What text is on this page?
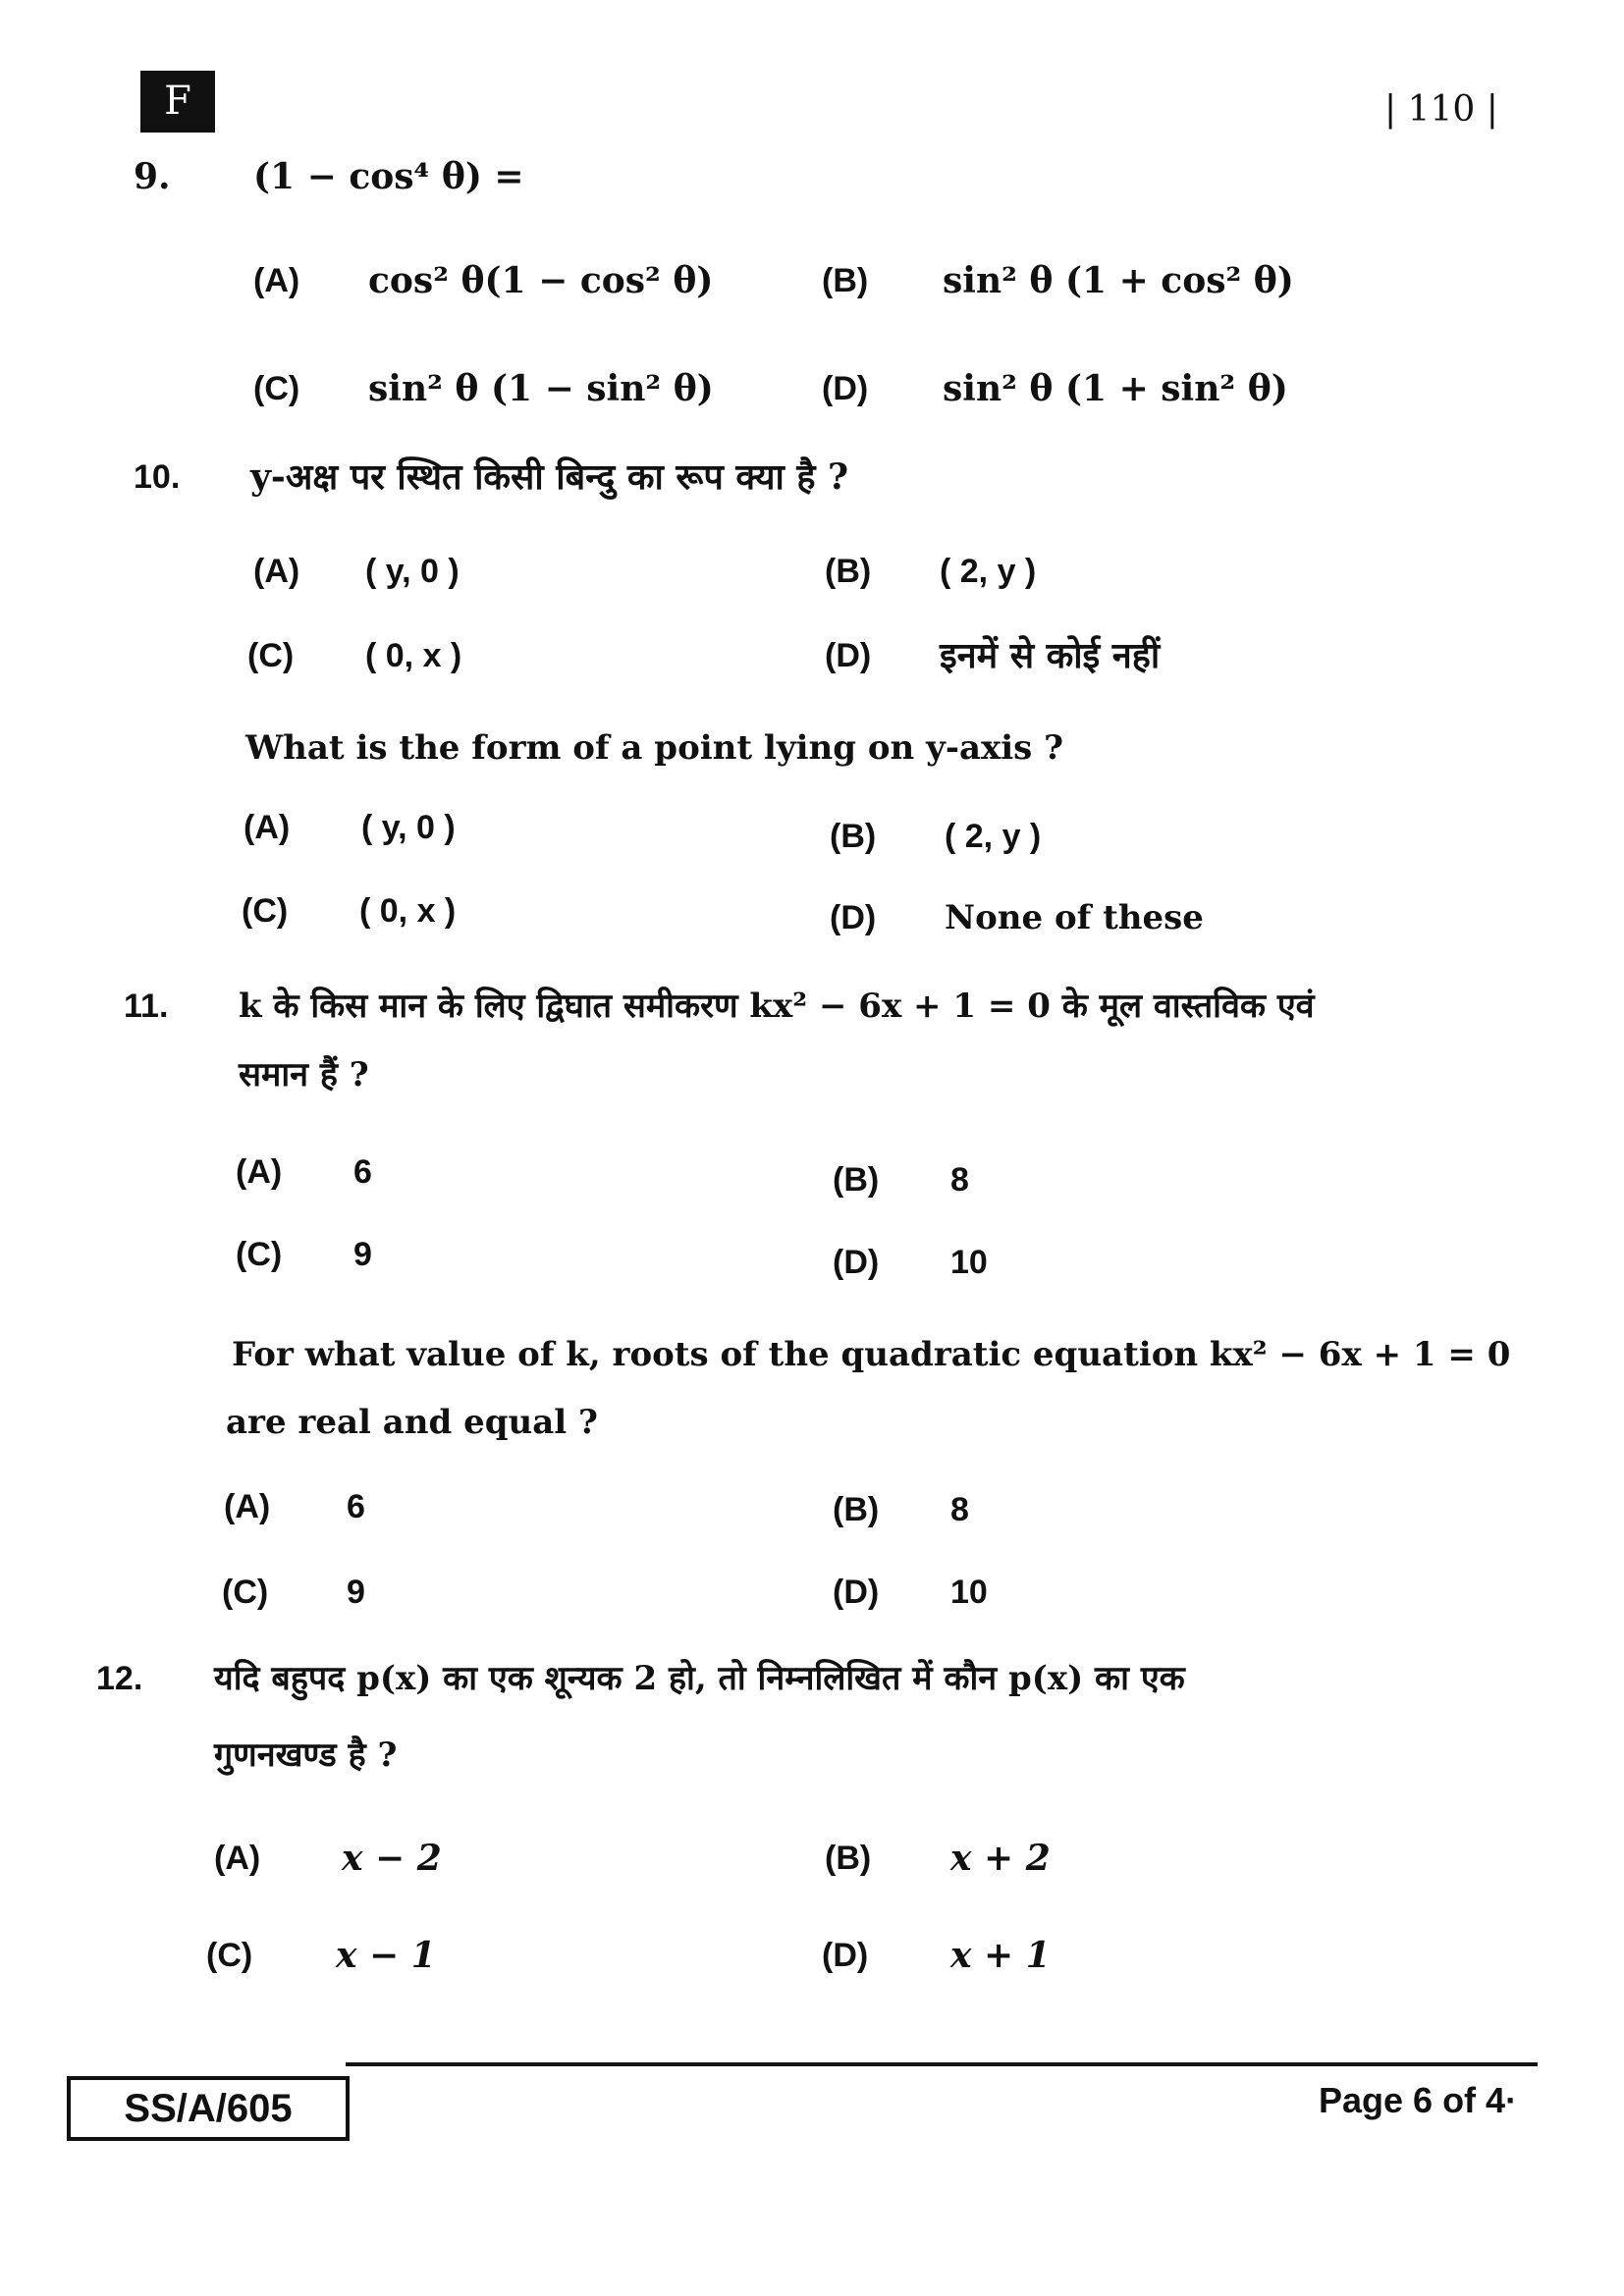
F	| 110 |
9. (1 − cos⁴ θ) =
(A) cos² θ(1 − cos² θ)	(B) sin² θ (1 + cos² θ)
(C) sin² θ (1 − sin² θ)	(D) sin² θ (1 + sin² θ)
10. y-अक्ष पर स्थित किसी बिन्दु का रूप क्या है ?
(A) ( y, 0 )	(B) ( 2, y )
(C) ( 0, x )	(D) इनमें से कोई नहीं
What is the form of a point lying on y-axis ?
(A) ( y, 0 )	(B) ( 2, y )
(C) ( 0, x )	(D) None of these
11. k के किस मान के लिए द्विघात समीकरण kx² − 6x + 1 = 0 के मूल वास्तविक एवं
समान हैं ?
(A) 6	(B) 8
(C) 9	(D) 10
For what value of k, roots of the quadratic equation kx² − 6x + 1 = 0
are real and equal ?
(A) 6	(B) 8
(C) 9	(D) 10
12. यदि बहुपद p(x) का एक शून्यक 2 हो, तो निम्नलिखित में कौन p(x) का एक
गुणनखण्ड है ?
(A) x − 2	(B) x + 2
(C) x − 1	(D) x + 1
SS/A/605	Page 6 of 4·
